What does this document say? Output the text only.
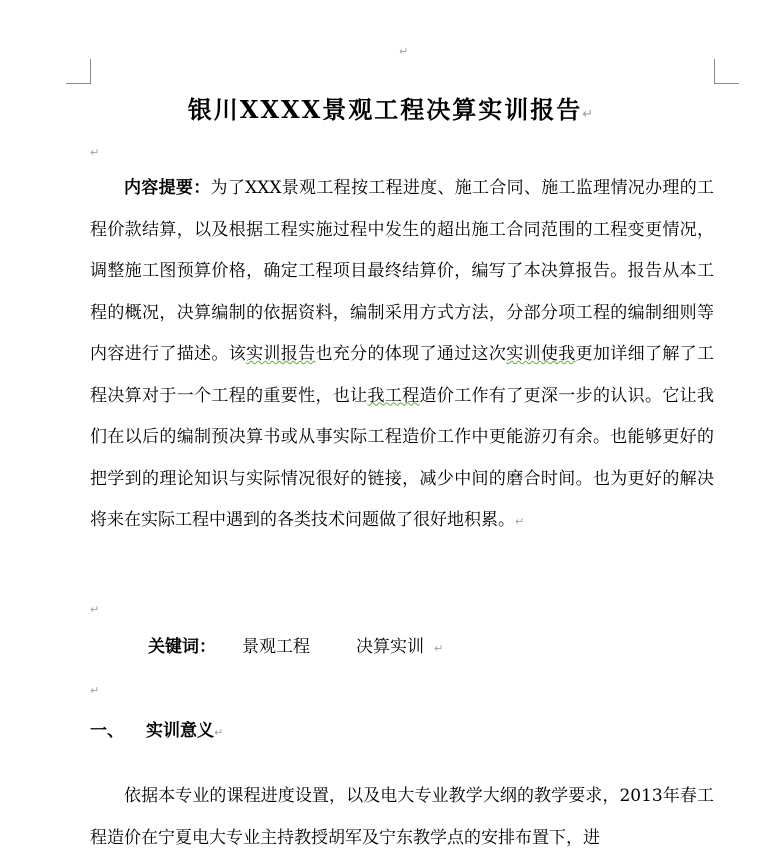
↵
银川XXXX景观工程决算实训报告↵
↵
内容提要：为了XXX景观工程按工程进度、施工合同、施工监理情况办理的工程价款结算，以及根据工程实施过程中发生的超出施工合同范围的工程变更情况，调整施工图预算价格，确定工程项目最终结算价，编写了本决算报告。报告从本工程的概况，决算编制的依据资料，编制采用方式方法，分部分项工程的编制细则等内容进行了描述。该实训报告也充分的体现了通过这次实训使我更加详细了解了工程决算对于一个工程的重要性，也让我工程造价工作有了更深一步的认识。它让我们在以后的编制预决算书或从事实际工程造价工作中更能游刃有余。也能够更好的把学到的理论知识与实际情况很好的链接，减少中间的磨合时间。也为更好的解决将来在实际工程中遇到的各类技术问题做了很好地积累。↵
↵
关键词： 景观工程	决算实训 ↵
↵
一、 实训意义↵
依据本专业的课程进度设置，以及电大专业教学大纲的教学要求，2013年春工程造价在宁夏电大专业主持教授胡军及宁东教学点的安排布置下，进
